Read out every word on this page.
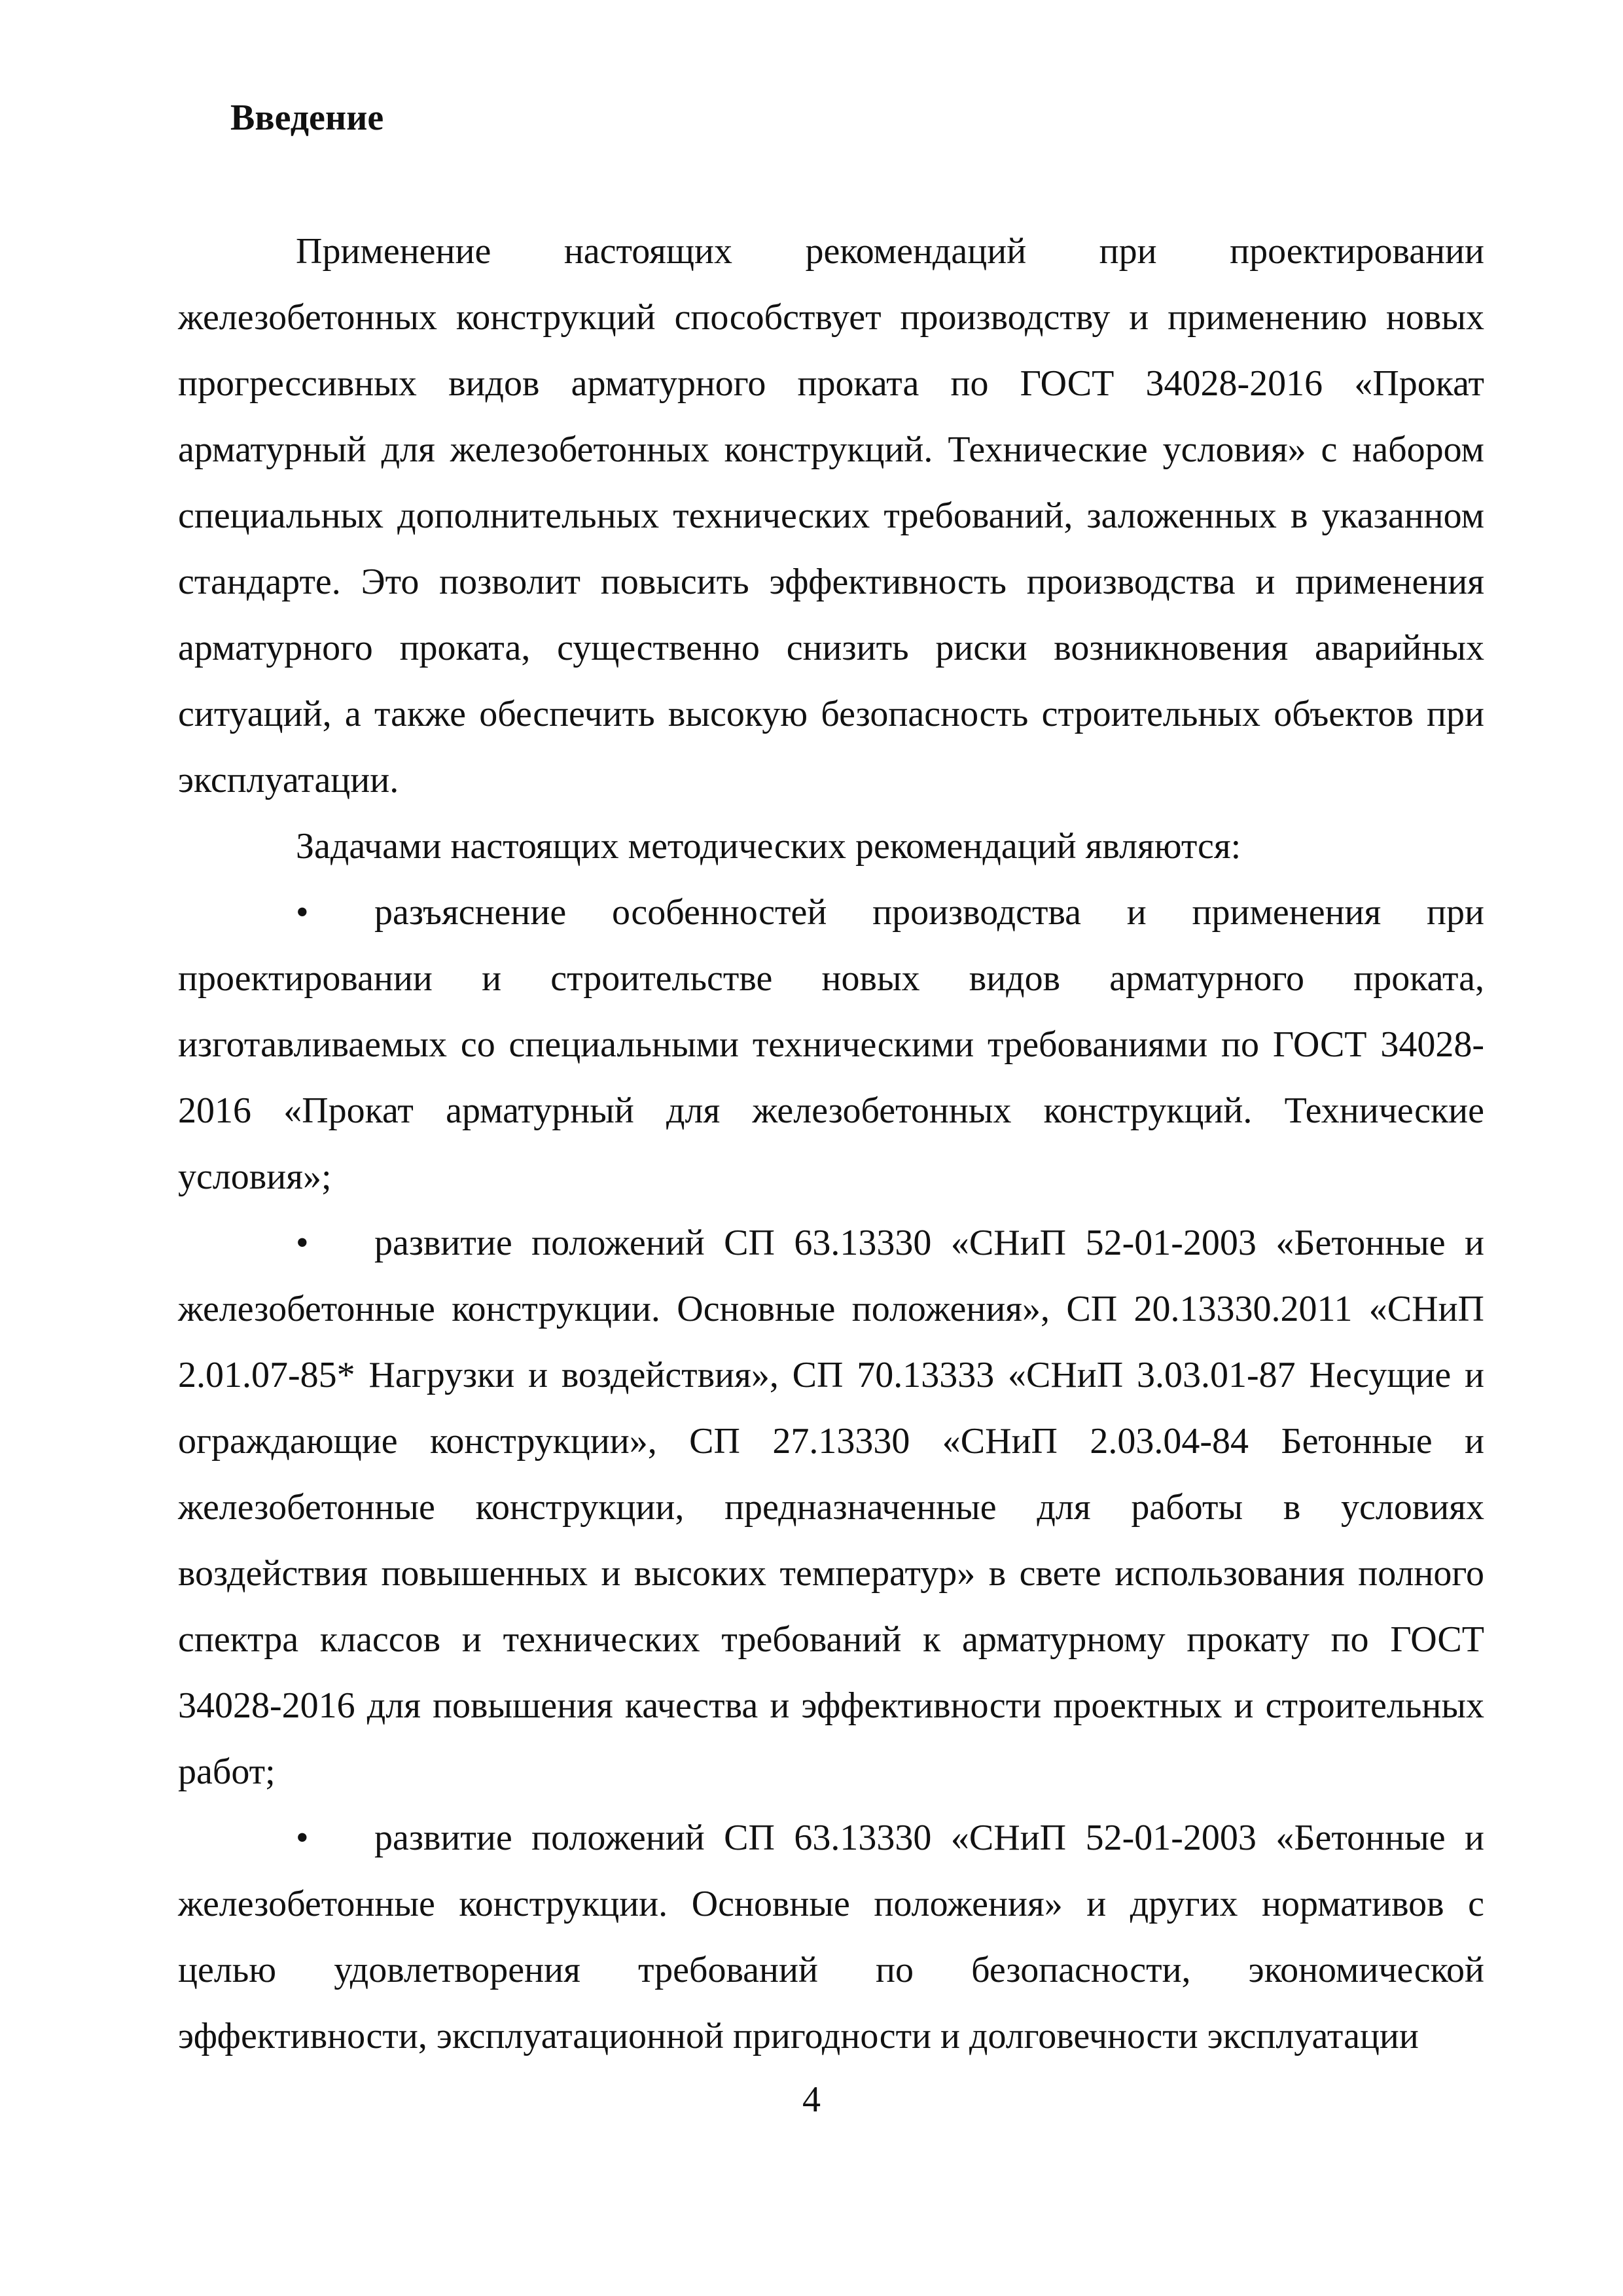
Введение

Применение настоящих рекомендаций при проектировании железобетонных конструкций способствует производству и применению новых прогрессивных видов арматурного проката по ГОСТ 34028-2016 «Прокат арматурный для железобетонных конструкций. Технические условия» с набором специальных дополнительных технических требований, заложенных в указанном стандарте. Это позволит повысить эффективность производства и применения арматурного проката, существенно снизить риски возникновения аварийных ситуаций, а также обеспечить высокую безопасность строительных объектов при эксплуатации.

Задачами настоящих методических рекомендаций являются:

• разъяснение особенностей производства и применения при проектировании и строительстве новых видов арматурного проката, изготавливаемых со специальными техническими требованиями по ГОСТ 34028-2016 «Прокат арматурный для железобетонных конструкций. Технические условия»;

• развитие положений СП 63.13330 «СНиП 52-01-2003 «Бетонные и железобетонные конструкции. Основные положения», СП 20.13330.2011 «СНиП 2.01.07-85* Нагрузки и воздействия», СП 70.13333 «СНиП 3.03.01-87 Несущие и ограждающие конструкции», СП 27.13330 «СНиП 2.03.04-84 Бетонные и железобетонные конструкции, предназначенные для работы в условиях воздействия повышенных и высоких температур» в свете использования полного спектра классов и технических требований к арматурному прокату по ГОСТ 34028-2016 для повышения качества и эффективности проектных и строительных работ;

• развитие положений СП 63.13330 «СНиП 52-01-2003 «Бетонные и железобетонные конструкции. Основные положения» и других нормативов с целью удовлетворения требований по безопасности, экономической эффективности, эксплуатационной пригодности и долговечности эксплуатации

4
